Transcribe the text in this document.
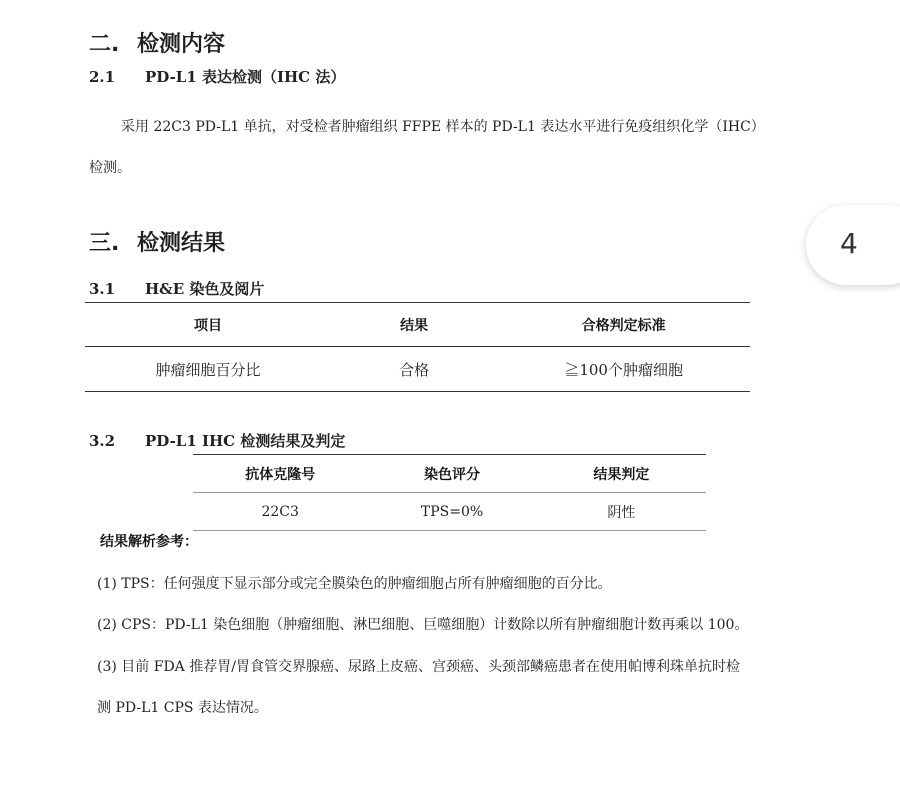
二. 检测内容
2.1 PD-L1 表达检测（IHC 法）
采用 22C3 PD-L1 单抗，对受检者肿瘤组织 FFPE 样本的 PD-L1 表达水平进行免疫组织化学（IHC）
检测。
三. 检测结果
3.1 H&E 染色及阅片
项目	结果	合格判定标准
肿瘤细胞百分比	合格	≧100个肿瘤细胞
3.2 PD-L1 IHC 检测结果及判定
抗体克隆号	染色评分	结果判定
22C3	TPS=0%	阴性
结果解析参考：
(1) TPS：任何强度下显示部分或完全膜染色的肿瘤细胞占所有肿瘤细胞的百分比。
(2) CPS：PD-L1 染色细胞（肿瘤细胞、淋巴细胞、巨噬细胞）计数除以所有肿瘤细胞计数再乘以 100。
(3) 目前 FDA 推荐胃/胃食管交界腺癌、尿路上皮癌、宫颈癌、头颈部鳞癌患者在使用帕博利珠单抗时检
测 PD-L1 CPS 表达情况。
4
